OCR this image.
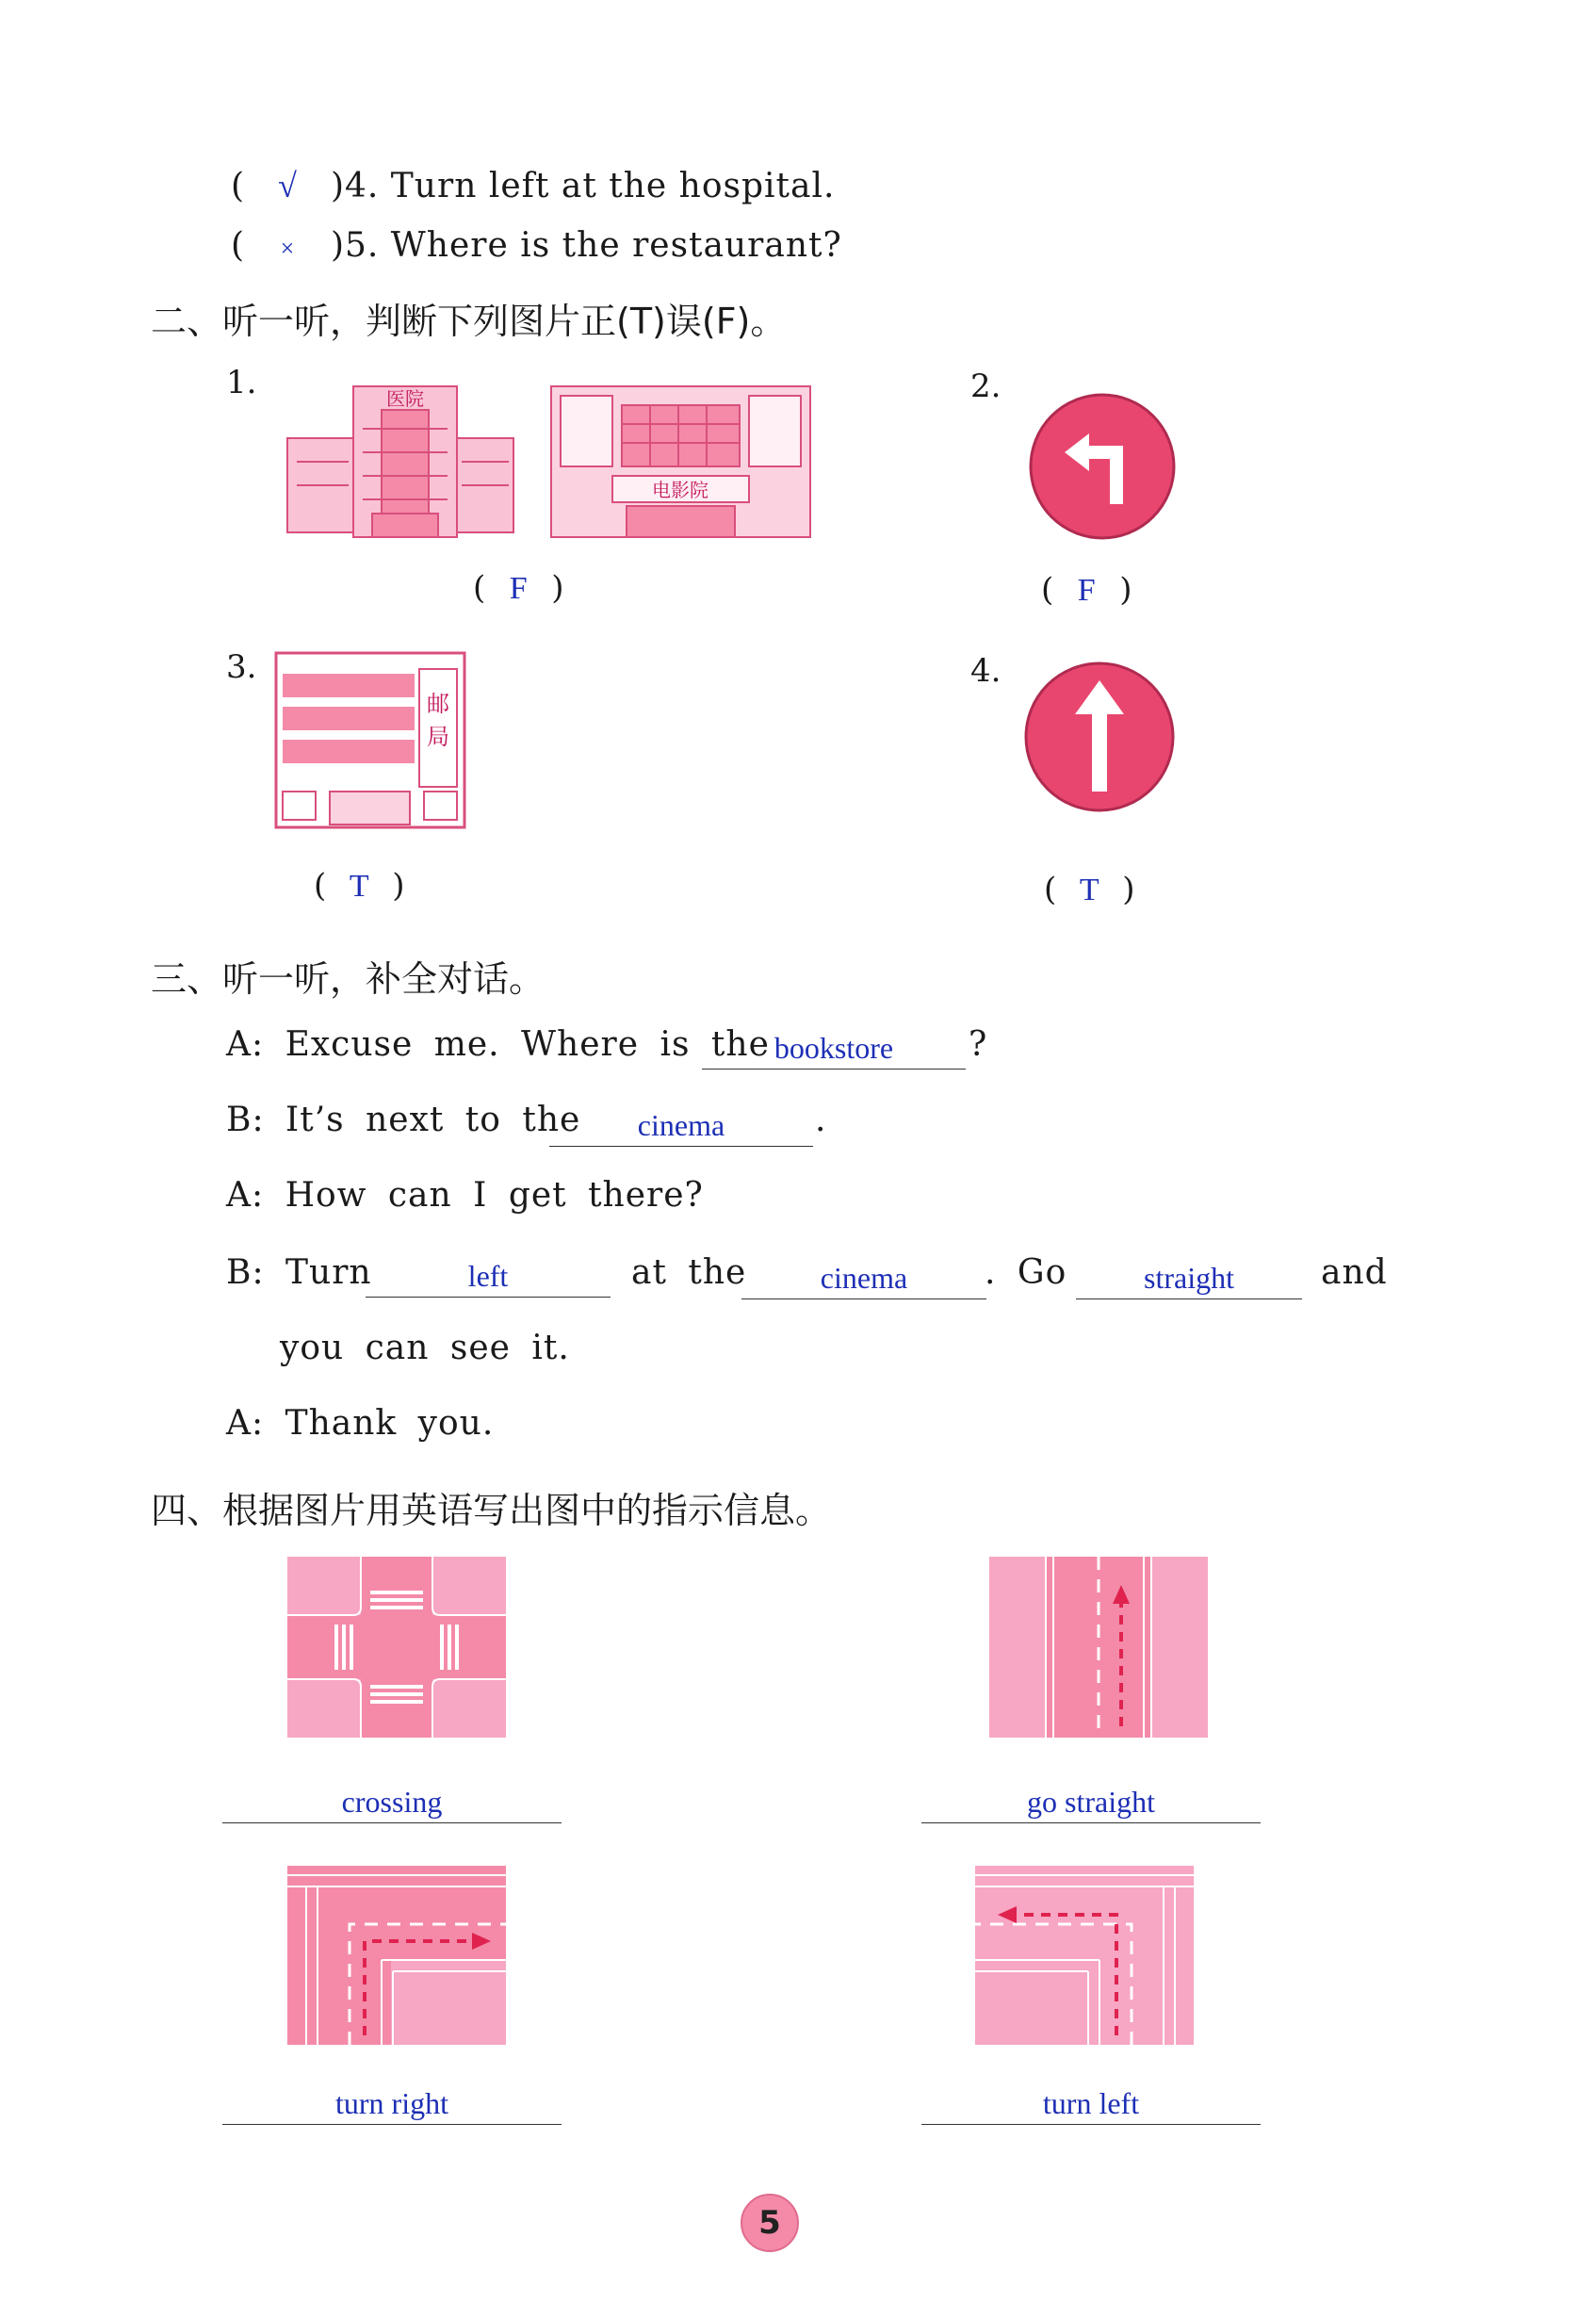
( √ )4. Turn left at the hospital.
( × )5. Where is the restaurant?
二、听一听，判断下列图片正(T)误(F)。
1.	医院
电影院
( F )
2.
( F )
3.
邮
局
( T )
4.
( T )
三、听一听，补全对话。
A: Excuse me. Where is the bookstore	?
B: It’s next to the	cinema	.
A: How can I get there?
B: Turn	left	at the	cinema	. Go	straight	and
you can see it.
A: Thank you.
四、根据图片用英语写出图中的指示信息。
crossing	go straight
turn right	turn left
5
